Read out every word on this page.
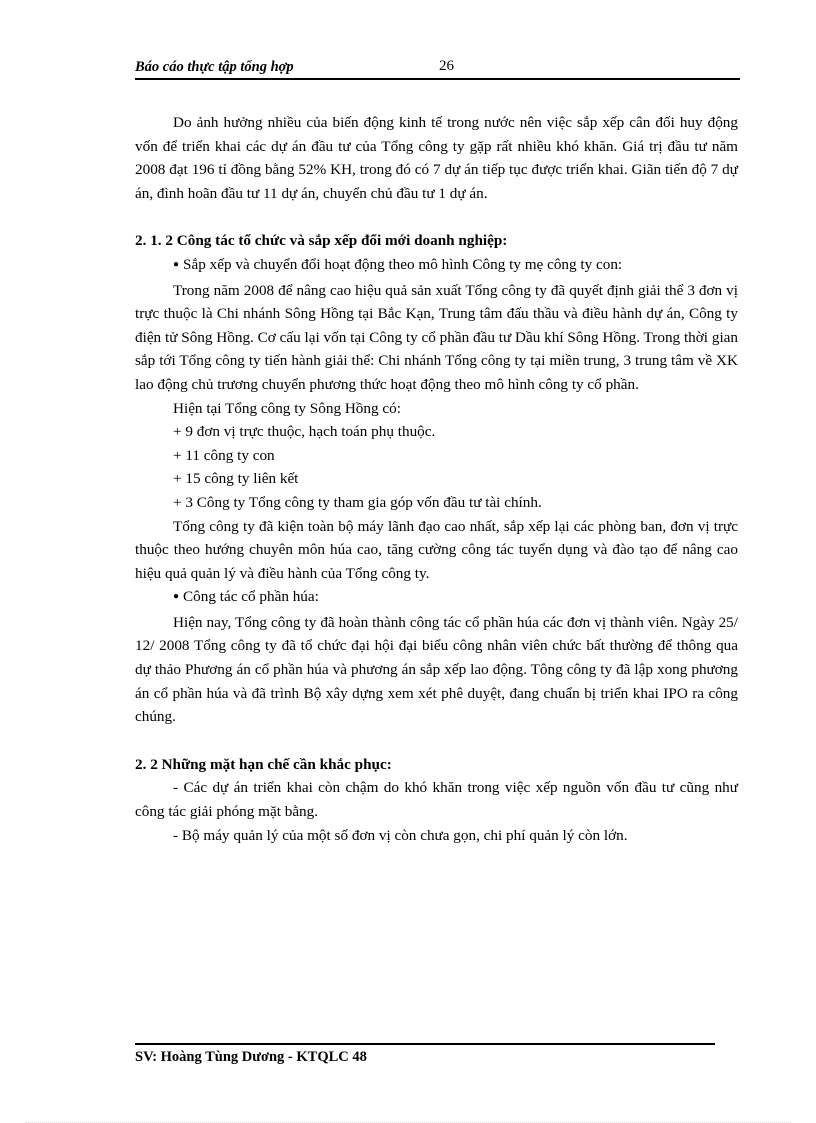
Báo cáo thực tập tổng hợp	26

Do ảnh hưởng nhiều của biến động kinh tế trong nước nên việc sắp xếp cân đối huy động vốn để triển khai các dự án đầu tư của Tổng công ty gặp rất nhiều khó khăn. Giá trị đầu tư năm 2008 đạt 196 tỉ đồng bằng 52% KH, trong đó có 7 dự án tiếp tục được triển khai. Giãn tiến độ 7 dự án, đình hoãn đầu tư 11 dự án, chuyển chủ đầu tư 1 dự án.

2. 1. 2 Công tác tổ chức và sắp xếp đổi mới doanh nghiệp:

● Sắp xếp và chuyển đổi hoạt động theo mô hình Công ty mẹ công ty con:

Trong năm 2008 để nâng cao hiệu quả sản xuất Tổng công ty đã quyết định giải thể 3 đơn vị trực thuộc là Chi nhánh Sông Hồng tại Bắc Kạn, Trung tâm đấu thầu và điều hành dự án, Công ty điện tử Sông Hồng. Cơ cấu lại vốn tại Công ty cổ phần đầu tư Dầu khí Sông Hồng. Trong thời gian sắp tới Tổng công ty tiến hành giải thể: Chi nhánh Tổng công ty tại miền trung, 3 trung tâm về XK lao động chủ trương chuyển phương thức hoạt động theo mô hình công ty cổ phần.

Hiện tại Tổng công ty Sông Hồng có:

+ 9 đơn vị trực thuộc, hạch toán phụ thuộc.

+ 11 công ty con

+ 15 công ty liên kết

+ 3 Công ty Tổng công ty tham gia góp vốn đầu tư tài chính.

Tổng công ty đã kiện toàn bộ máy lãnh đạo cao nhất, sắp xếp lại các phòng ban, đơn vị trực thuộc theo hướng chuyên môn húa cao, tăng cường công tác tuyển dụng và đào tạo để nâng cao hiệu quả quản lý và điều hành của Tổng công ty.

● Công tác cổ phần húa:

Hiện nay, Tổng công ty đã hoàn thành công tác cổ phần húa các đơn vị thành viên. Ngày 25/ 12/ 2008 Tổng công ty đã tổ chức đại hội đại biểu công nhân viên chức bất thường để thông qua dự thảo Phương án cổ phần húa và phương án sắp xếp lao động. Tông công ty đã lập xong phương án cổ phần húa và đã trình Bộ xây dựng xem xét phê duyệt, đang chuẩn bị triển khai IPO ra công chúng.

2. 2 Những mặt hạn chế cần khắc phục:

- Các dự án triển khai còn chậm do khó khăn trong việc xếp nguồn vốn đầu tư cũng như công tác giải phóng mặt bằng.

- Bộ máy quản lý của một số đơn vị còn chưa gọn, chi phí quản lý còn lớn.

SV: Hoàng Tùng Dương - KTQLC 48
